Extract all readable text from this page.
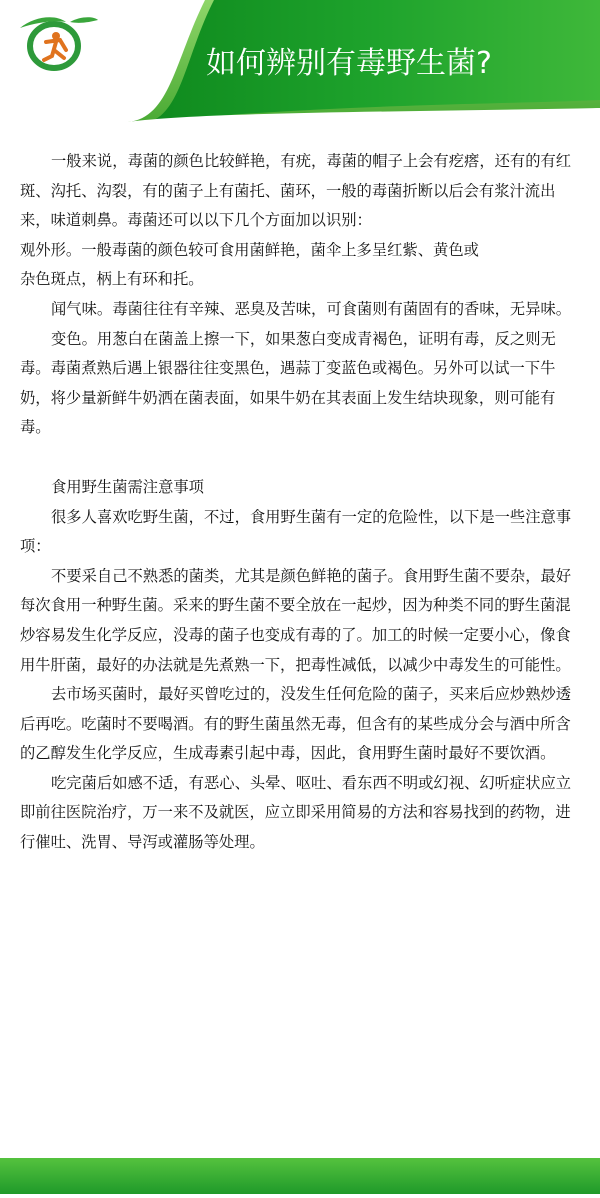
如何辨别有毒野生菌?

一般来说，毒菌的颜色比较鲜艳，有疣，毒菌的帽子上会有疙瘩，还有的有红斑、沟托、沟裂，有的菌子上有菌托、菌环，一般的毒菌折断以后会有浆汁流出来，味道刺鼻。毒菌还可以以下几个方面加以识别：

观外形。一般毒菌的颜色较可食用菌鲜艳，菌伞上多呈红紫、黄色或

杂色斑点，柄上有环和托。

闻气味。毒菌往往有辛辣、恶臭及苦味，可食菌则有菌固有的香味，无异味。

变色。用葱白在菌盖上擦一下，如果葱白变成青褐色，证明有毒，反之则无毒。毒菌煮熟后遇上银器往往变黑色，遇蒜丁变蓝色或褐色。另外可以试一下牛奶，将少量新鲜牛奶洒在菌表面，如果牛奶在其表面上发生结块现象，则可能有毒。

食用野生菌需注意事项

很多人喜欢吃野生菌，不过，食用野生菌有一定的危险性，以下是一些注意事项：

不要采自己不熟悉的菌类，尤其是颜色鲜艳的菌子。食用野生菌不要杂，最好每次食用一种野生菌。采来的野生菌不要全放在一起炒，因为种类不同的野生菌混炒容易发生化学反应，没毒的菌子也变成有毒的了。加工的时候一定要小心，像食用牛肝菌，最好的办法就是先煮熟一下，把毒性减低，以减少中毒发生的可能性。

去市场买菌时，最好买曾吃过的，没发生任何危险的菌子，买来后应炒熟炒透后再吃。吃菌时不要喝酒。有的野生菌虽然无毒，但含有的某些成分会与酒中所含的乙醇发生化学反应，生成毒素引起中毒，因此，食用野生菌时最好不要饮酒。

吃完菌后如感不适，有恶心、头晕、呕吐、看东西不明或幻视、幻听症状应立即前往医院治疗，万一来不及就医，应立即采用简易的方法和容易找到的药物，进行催吐、洗胃、导泻或灌肠等处理。
